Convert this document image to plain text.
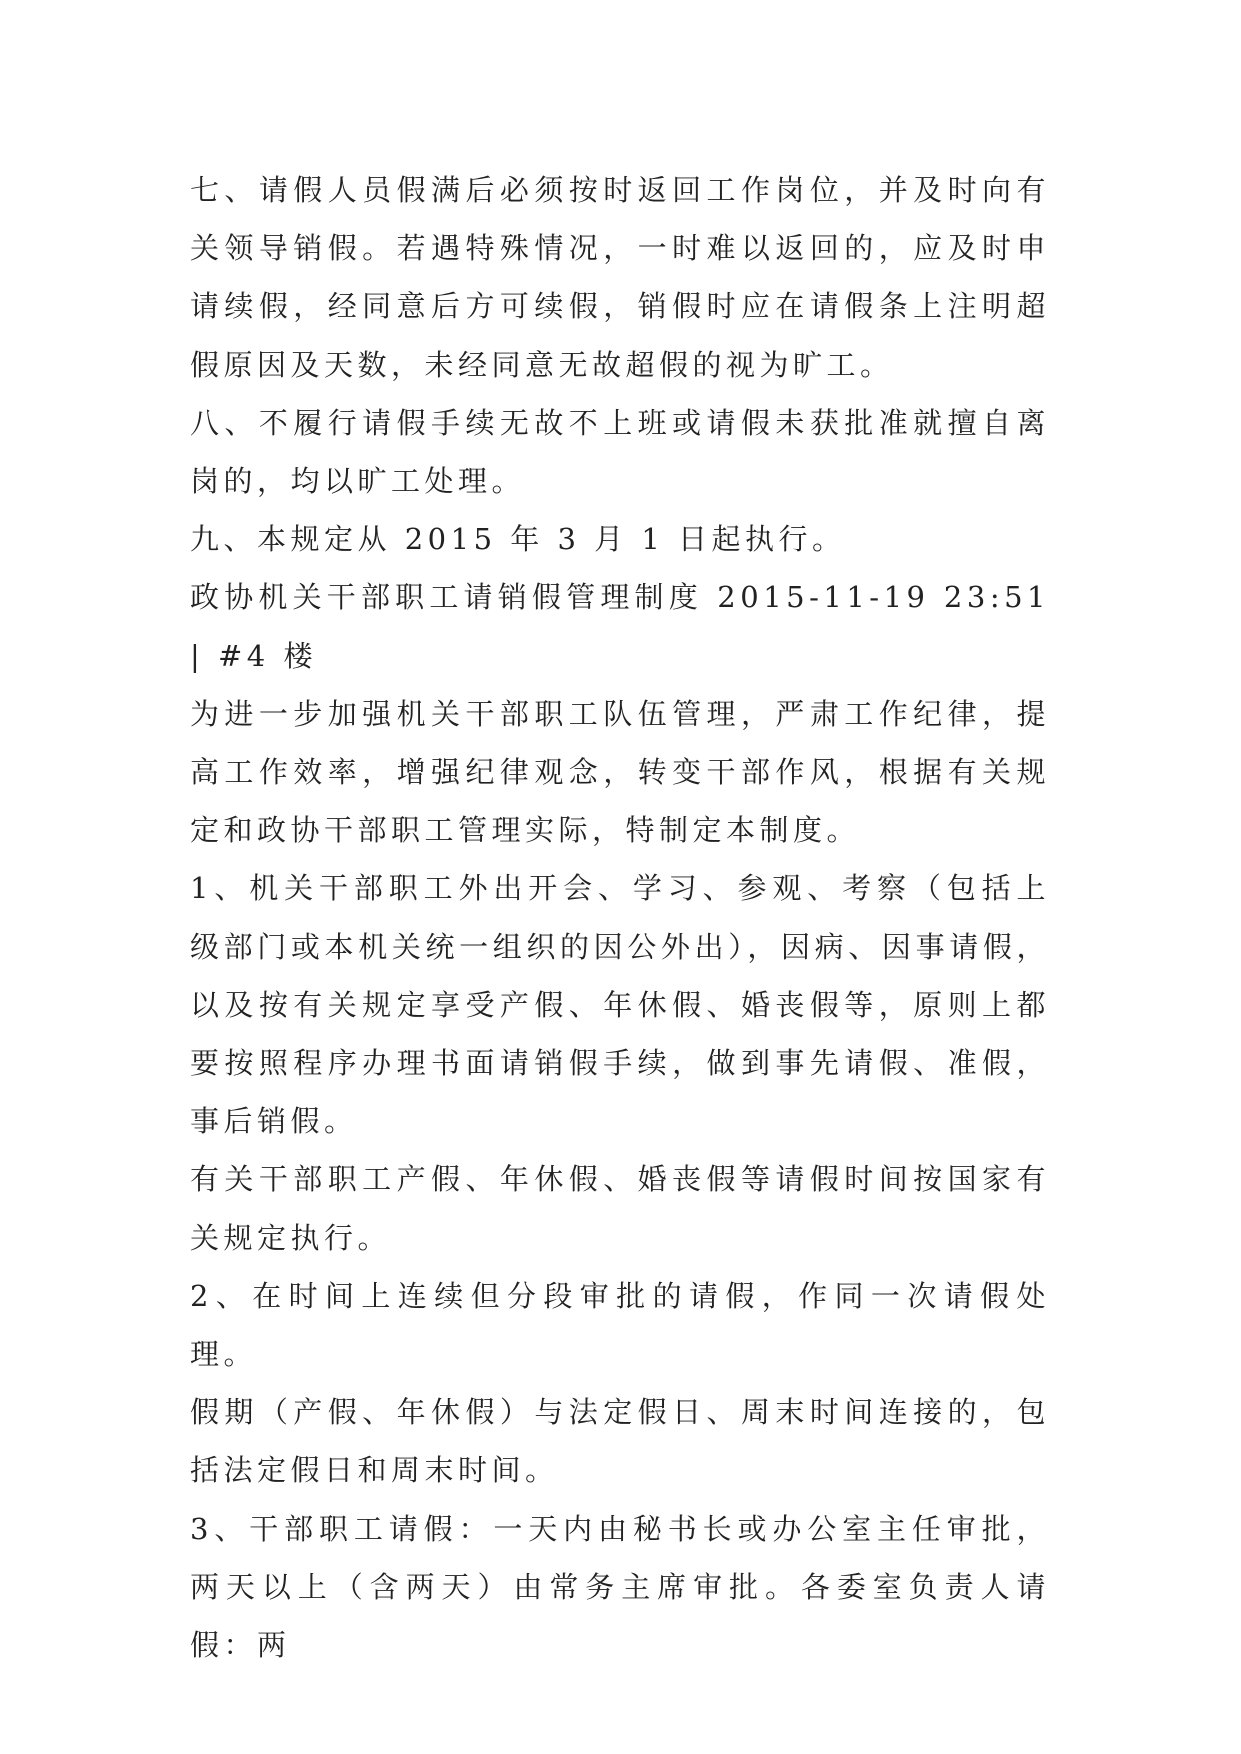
七、请假人员假满后必须按时返回工作岗位，并及时向有关领导销假。若遇特殊情况，一时难以返回的，应及时申请续假，经同意后方可续假，销假时应在请假条上注明超假原因及天数，未经同意无故超假的视为旷工。

八、不履行请假手续无故不上班或请假未获批准就擅自离岗的，均以旷工处理。

九、本规定从 2015 年 3 月 1 日起执行。

政协机关干部职工请销假管理制度 2015-11-19 23:51 | #4 楼

为进一步加强机关干部职工队伍管理，严肃工作纪律，提高工作效率，增强纪律观念，转变干部作风，根据有关规定和政协干部职工管理实际，特制定本制度。

1、机关干部职工外出开会、学习、参观、考察（包括上级部门或本机关统一组织的因公外出），因病、因事请假，以及按有关规定享受产假、年休假、婚丧假等，原则上都要按照程序办理书面请销假手续，做到事先请假、准假，事后销假。

有关干部职工产假、年休假、婚丧假等请假时间按国家有关规定执行。

2、在时间上连续但分段审批的请假，作同一次请假处理。

假期（产假、年休假）与法定假日、周末时间连接的，包括法定假日和周末时间。

3、干部职工请假：一天内由秘书长或办公室主任审批，两天以上（含两天）由常务主席审批。各委室负责人请假：两
